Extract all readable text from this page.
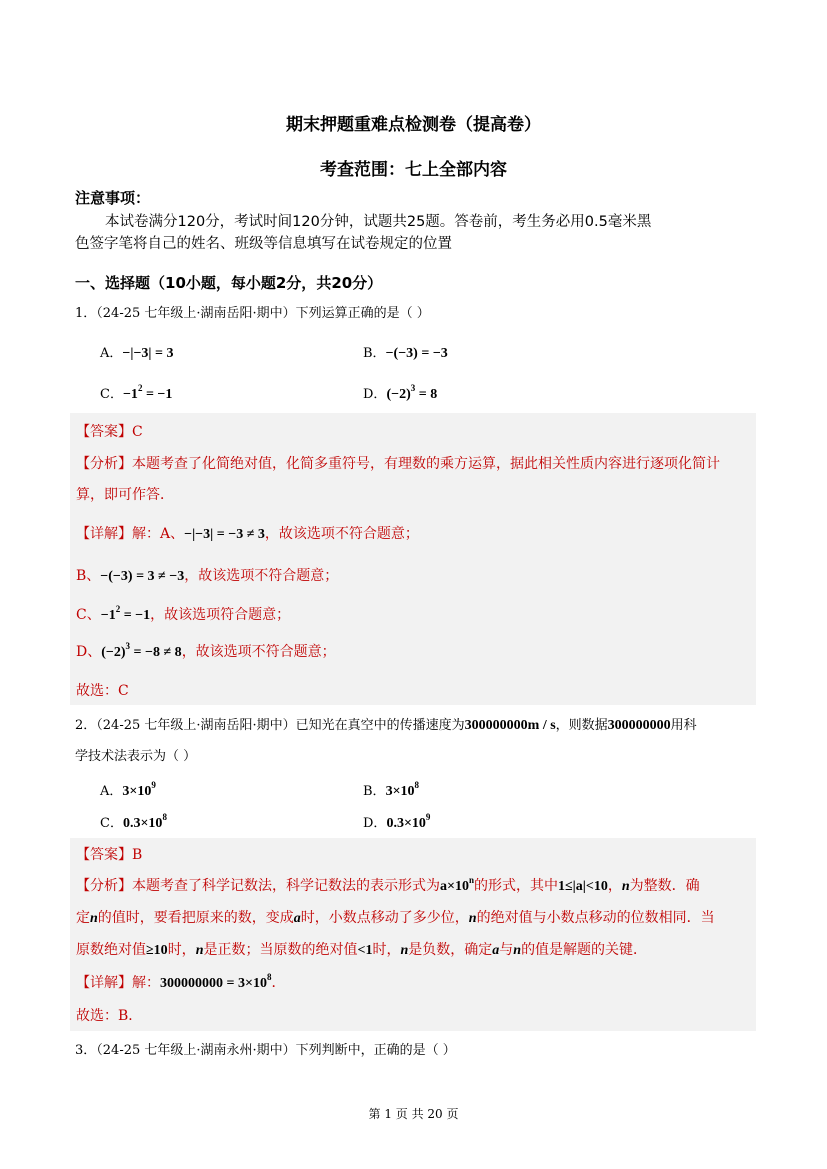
期末押题重难点检测卷（提高卷）
考查范围：七上全部内容
注意事项：
本试卷满分120分，考试时间120分钟，试题共25题。答卷前，考生务必用0.5毫米黑
色签字笔将自己的姓名、班级等信息填写在试卷规定的位置
一、选择题（10小题，每小题2分，共20分）
1．（24-25 七年级上·湖南岳阳·期中）下列运算正确的是（ ）
A．−|−3| = 3	B．−(−3) = −3
C．$-1^2 = -1$	D．$(-2)^3 = 8$
【答案】C
【分析】本题考查了化简绝对值，化简多重符号，有理数的乘方运算，据此相关性质内容进行逐项化简计
算，即可作答．
【详解】解：A、−|−3| = −3 ≠ 3，故该选项不符合题意；
B、−(−3) = 3 ≠ −3，故该选项不符合题意；
C、$-1^2 = -1$，故该选项符合题意；
D、$(-2)^3 = -8 \ne 8$，故该选项不符合题意；
故选：C
2．（24-25 七年级上·湖南岳阳·期中）已知光在真空中的传播速度为300000000m / s，则数据300000000用科
学技术法表示为（ ）
A．$3\times 10^9$	B．$3\times 10^8$
C．$0.3\times 10^8$	D．$0.3\times 10^9$
【答案】B
【分析】本题考查了科学记数法，科学记数法的表示形式为$a\times 10^n$的形式，其中1≤|a|<10，n为整数．确
定n的值时，要看把原来的数，变成a时，小数点移动了多少位，n的绝对值与小数点移动的位数相同．当
原数绝对值≥10时，n是正数；当原数的绝对值<1时，n是负数，确定a与n的值是解题的关键．
【详解】解：$300000000 = 3\times 10^8$．
故选：B．
3．（24-25 七年级上·湖南永州·期中）下列判断中，正确的是（ ）
第 1 页 共 20 页
